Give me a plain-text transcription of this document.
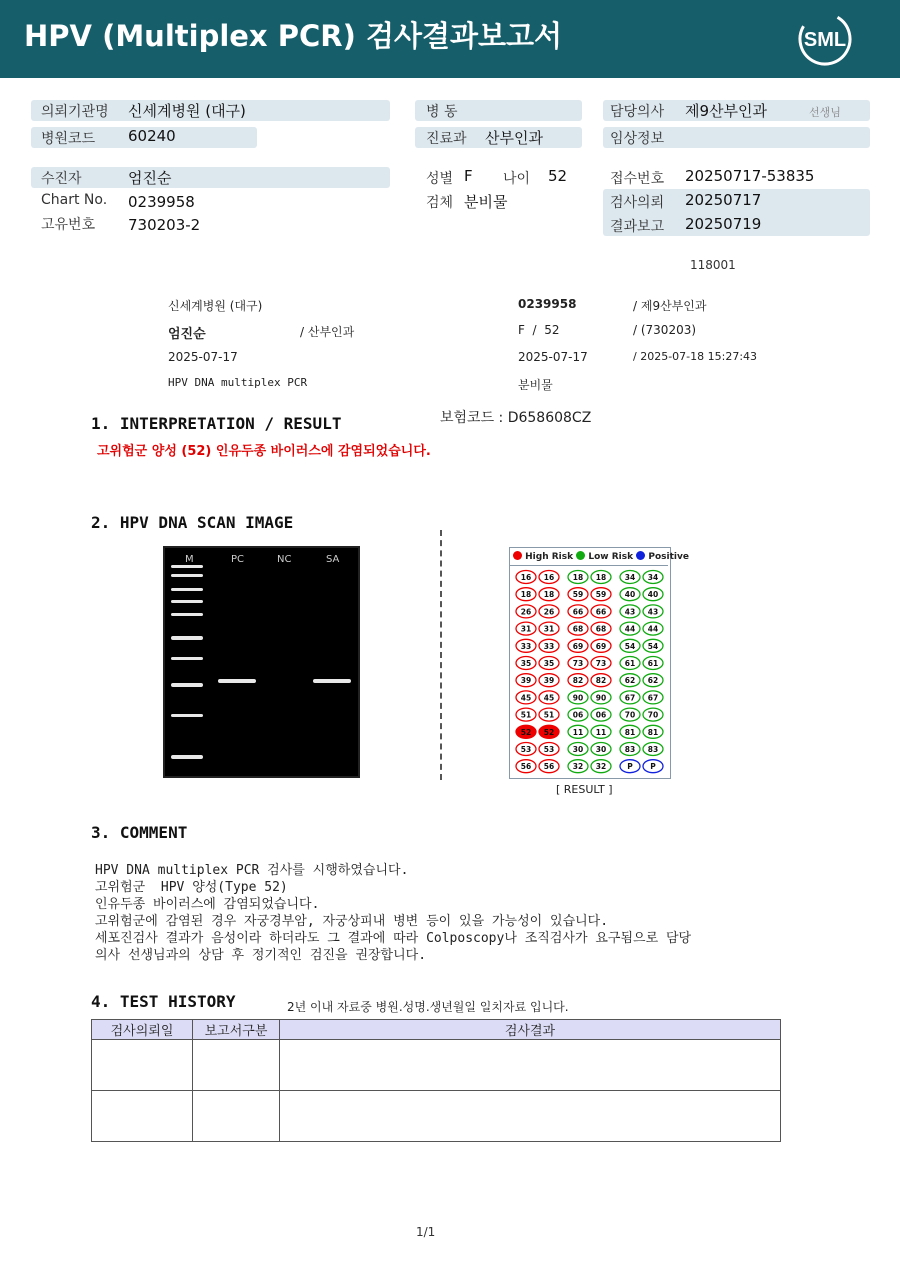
HPV (Multiplex PCR) 검사결과보고서	SML
의뢰기관명 신세계병원 (대구)
병원코드 60240
수진자	엄진순
Chart No. 0239958
고유번호 730203-2
병 동
진료과 산부인과
성별 F 나이 52
검체 분비물
담당의사 제9산부인과	선생님
임상정보
접수번호 20250717-53835
검사의뢰 20250717
결과보고 20250719
118001
신세계병원 (대구)	0239958	/ 제9산부인과
엄진순	/ 산부인과	F  /  52	/ (730203)
2025-07-17	2025-07-17	/ 2025-07-18 15:27:43
HPV DNA multiplex PCR	분비물
보험코드 : D658608CZ
1. INTERPRETATION / RESULT
고위험군 양성 (52) 인유두종 바이러스에 감염되었습니다.
2. HPV DNA SCAN IMAGE
M	PC	NC	SA	High Risk Low Risk Positive
16 16 18 18 34 34
18 18 59 59 40 40
26 26 66 66 43 43
31 31 68 68 44 44
33 33 69 69 54 54
35 35 73 73 61 61
39 39 82 82 62 62
45 45 90 90 67 67
51 51 06 06 70 70
52 52 11 11 81 81
53 53 30 30 83 83
56 56 32 32	P P
[ RESULT ]
3. COMMENT
HPV DNA multiplex PCR 검사를 시행하였습니다.
고위험군  HPV 양성(Type 52)
인유두종 바이러스에 감염되었습니다.
고위험군에 감염된 경우 자궁경부암, 자궁상피내 병변 등이 있을 가능성이 있습니다.
세포진검사 결과가 음성이라 하더라도 그 결과에 따라 Colposcopy나 조직검사가 요구됨으로 담당
의사 선생님과의 상담 후 정기적인 검진을 권장합니다.
4. TEST HISTORY	2년 이내 자료중 병원.성명.생년월일 일치자료 입니다.
검사의뢰일	보고서구분	검사결과

1/1
